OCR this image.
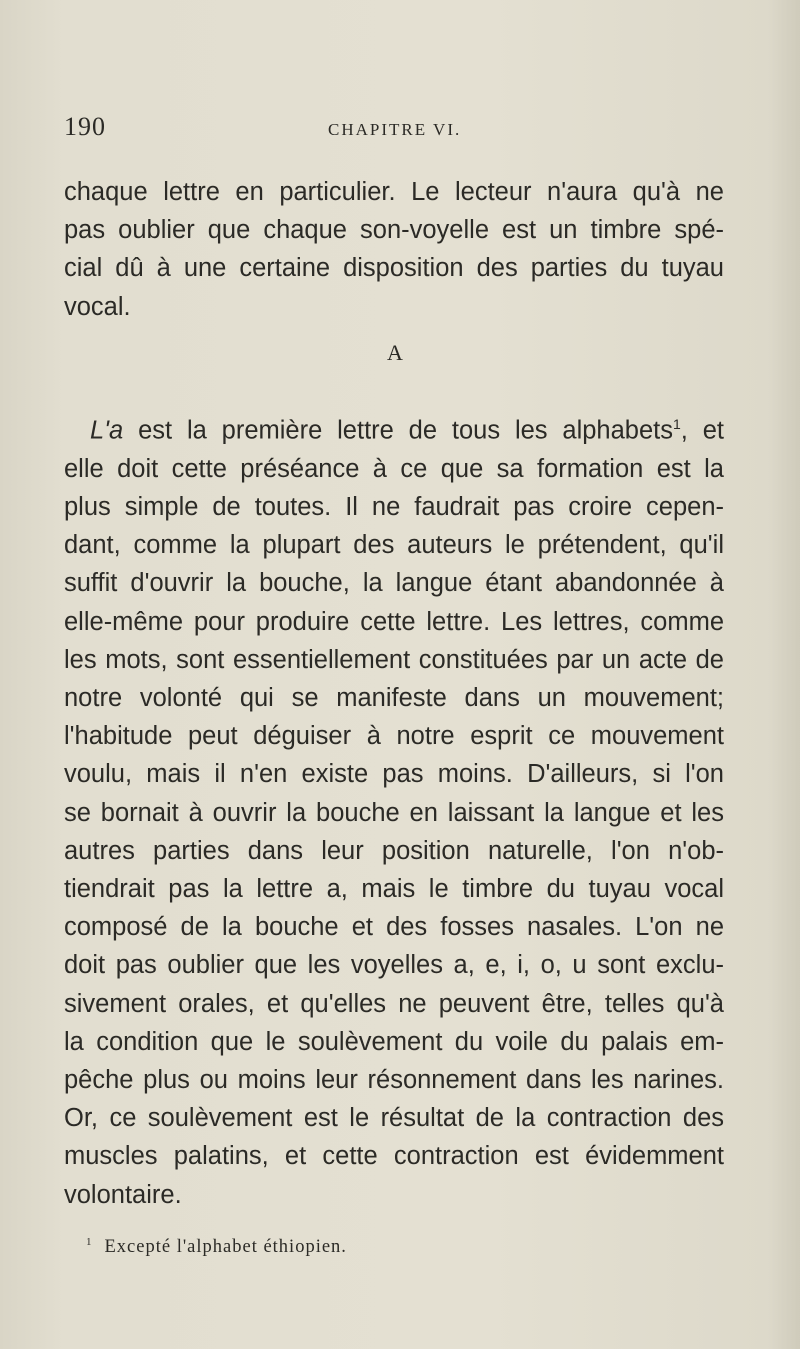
190	CHAPITRE VI.
chaque lettre en particulier. Le lecteur n'aura qu'à ne
pas oublier que chaque son-voyelle est un timbre spé-
cial dû à une certaine disposition des parties du tuyau
vocal.
A
L'a est la première lettre de tous les alphabets$^1$, et
elle doit cette préséance à ce que sa formation est la
plus simple de toutes. Il ne faudrait pas croire cepen-
dant, comme la plupart des auteurs le prétendent, qu'il
suffit d'ouvrir la bouche, la langue étant abandonnée à
elle-même pour produire cette lettre. Les lettres, comme
les mots, sont essentiellement constituées par un acte de
notre volonté qui se manifeste dans un mouvement;
l'habitude peut déguiser à notre esprit ce mouvement
voulu, mais il n'en existe pas moins. D'ailleurs, si l'on
se bornait à ouvrir la bouche en laissant la langue et les
autres parties dans leur position naturelle, l'on n'ob-
tiendrait pas la lettre a, mais le timbre du tuyau vocal
composé de la bouche et des fosses nasales. L'on ne
doit pas oublier que les voyelles a, e, i, o, u sont exclu-
sivement orales, et qu'elles ne peuvent être, telles qu'à
la condition que le soulèvement du voile du palais em-
pêche plus ou moins leur résonnement dans les narines.
Or, ce soulèvement est le résultat de la contraction des
muscles palatins, et cette contraction est évidemment
volontaire.
$^1$ Excepté l'alphabet éthiopien.
